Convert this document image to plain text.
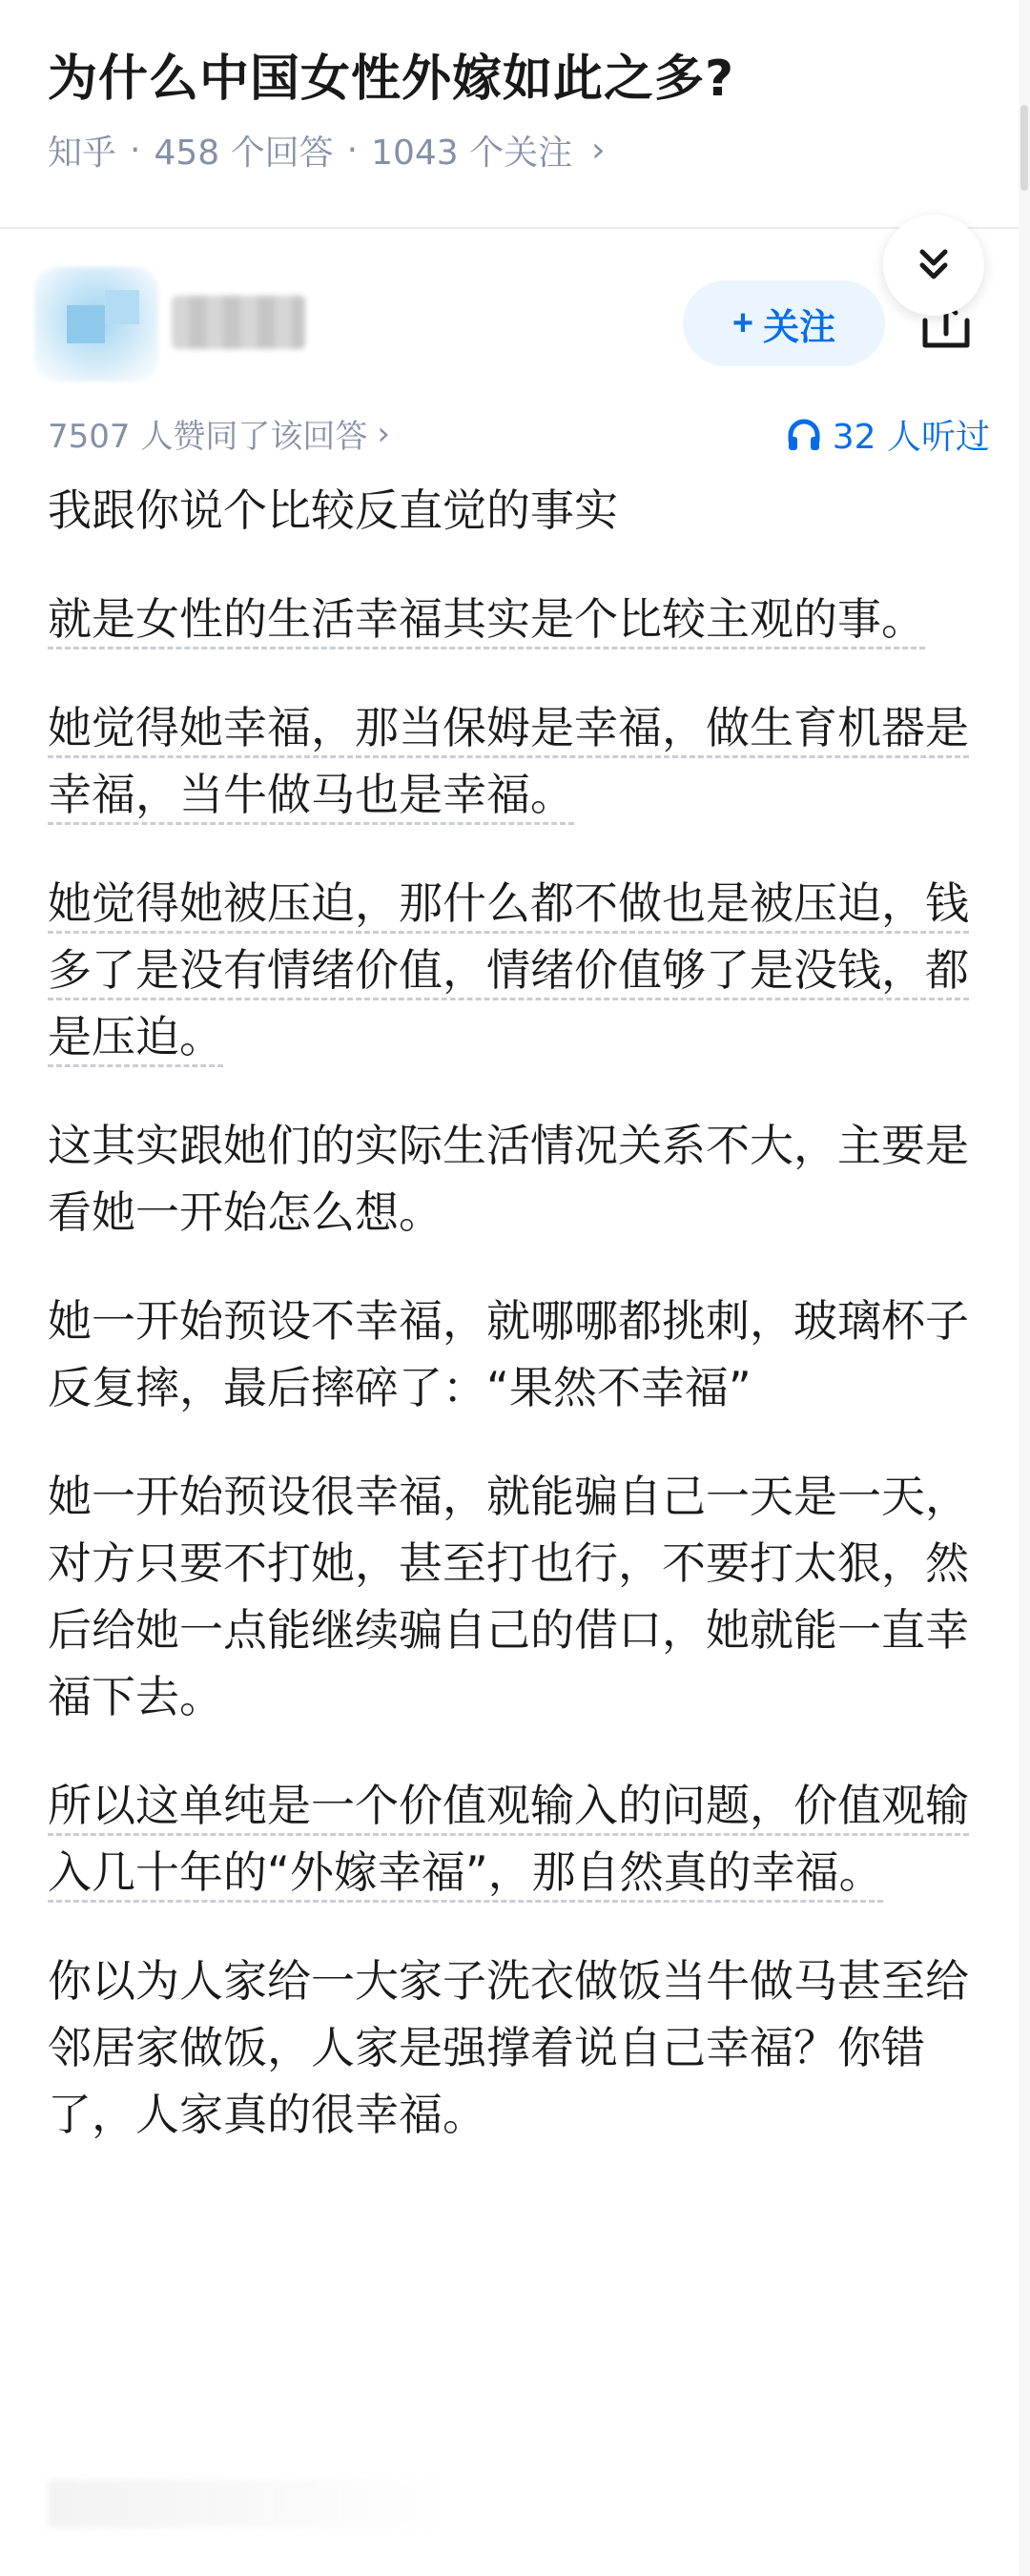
为什么中国女性外嫁如此之多?
知乎 · 458 个回答 · 1043 个关注 ›
+ 关注
7507 人赞同了该回答 ›	32 人听过

我跟你说个比较反直觉的事实

就是女性的生活幸福其实是个比较主观的事。

她觉得她幸福，那当保姆是幸福，做生育机器是幸福，当牛做马也是幸福。

她觉得她被压迫，那什么都不做也是被压迫，钱多了是没有情绪价值，情绪价值够了是没钱，都是压迫。

这其实跟她们的实际生活情况关系不大，主要是看她一开始怎么想。

她一开始预设不幸福，就哪哪都挑刺，玻璃杯子反复摔，最后摔碎了：“果然不幸福”

她一开始预设很幸福，就能骗自己一天是一天，对方只要不打她，甚至打也行，不要打太狠，然后给她一点能继续骗自己的借口，她就能一直幸福下去。

所以这单纯是一个价值观输入的问题，价值观输入几十年的“外嫁幸福”，那自然真的幸福。

你以为人家给一大家子洗衣做饭当牛做马甚至给邻居家做饭，人家是强撑着说自己幸福？你错了，人家真的很幸福。
